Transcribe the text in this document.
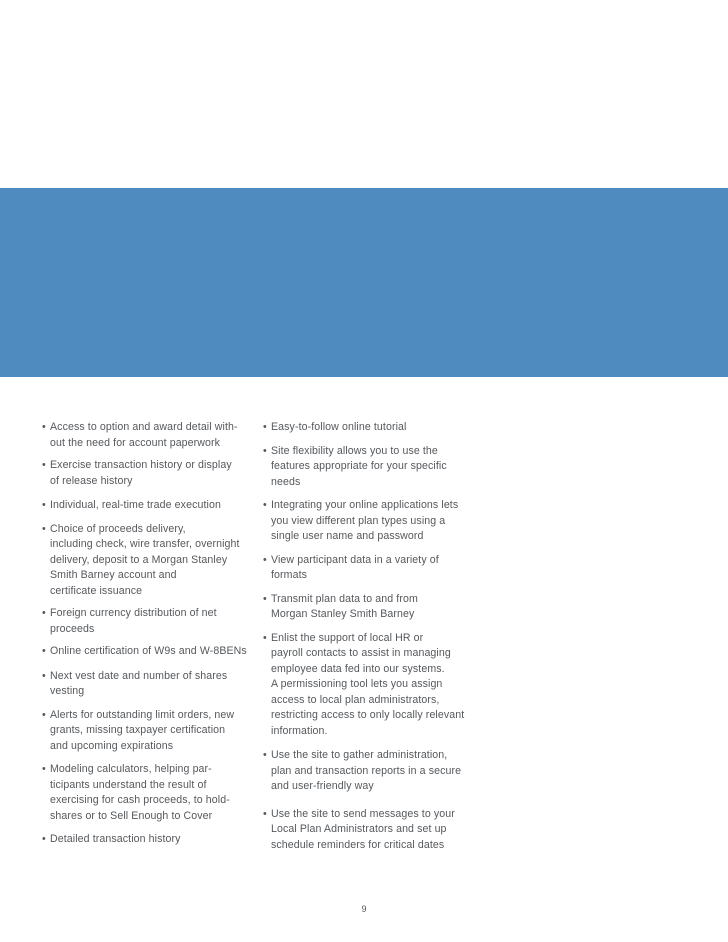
• Access to option and award detail with-
out the need for account paperwork
• Exercise transaction history or display
of release history
• Individual, real-time trade execution
• Choice of proceeds delivery,
including check, wire transfer, overnight
delivery, deposit to a Morgan Stanley
Smith Barney account and
certificate issuance
• Foreign currency distribution of net
proceeds
• Online certification of W9s and W-8BENs
• Next vest date and number of shares
vesting
• Alerts for outstanding limit orders, new
grants, missing taxpayer certification
and upcoming expirations
• Modeling calculators, helping par-
ticipants understand the result of
exercising for cash proceeds, to hold-
shares or to Sell Enough to Cover
• Detailed transaction history
• Easy-to-follow online tutorial
• Site flexibility allows you to use the
features appropriate for your specific
needs
• Integrating your online applications lets
you view different plan types using a
single user name and password
• View participant data in a variety of
formats
• Transmit plan data to and from
Morgan Stanley Smith Barney
• Enlist the support of local HR or
payroll contacts to assist in managing
employee data fed into our systems.
A permissioning tool lets you assign
access to local plan administrators,
restricting access to only locally relevant
information.
• Use the site to gather administration,
plan and transaction reports in a secure
and user-friendly way
• Use the site to send messages to your
Local Plan Administrators and set up
schedule reminders for critical dates
9
